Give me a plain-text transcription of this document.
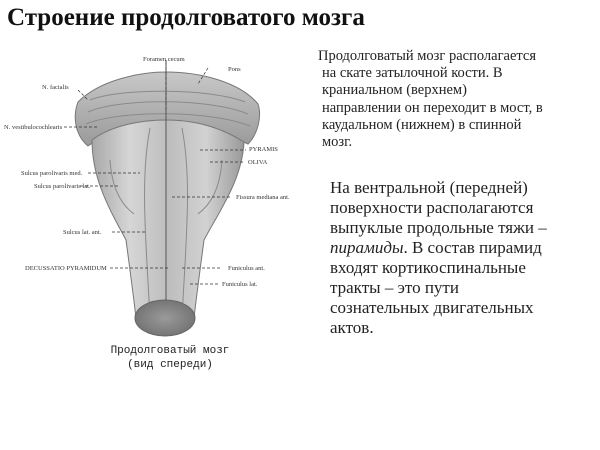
Строение продолговатого мозга
Продолговатый мозг располагается
на скате затылочной кости. В
краниальном (верхнем)
направлении он переходит в мост, в
каудальном (нижнем) в спинной
мозг.
На вентральной (передней)
поверхности располагаются
выпуклые продольные тяжи –
пирамиды. В состав пирамид
входят кортикоспинальные
тракты – это пути
сознательных двигательных
актов.
Foramen cecum
Pons
N. facialis
N. vestibulocochlearis
PYRAMIS
OLIVA
Sulcus parolivaris med.
Sulcus parolivaris lat.
Fissura mediana ant.
Sulcus lat. ant.
DECUSSATIO PYRAMIDUM	Funiculus ant.
Funiculus lat.
Продолговатый мозг
(вид спереди)
